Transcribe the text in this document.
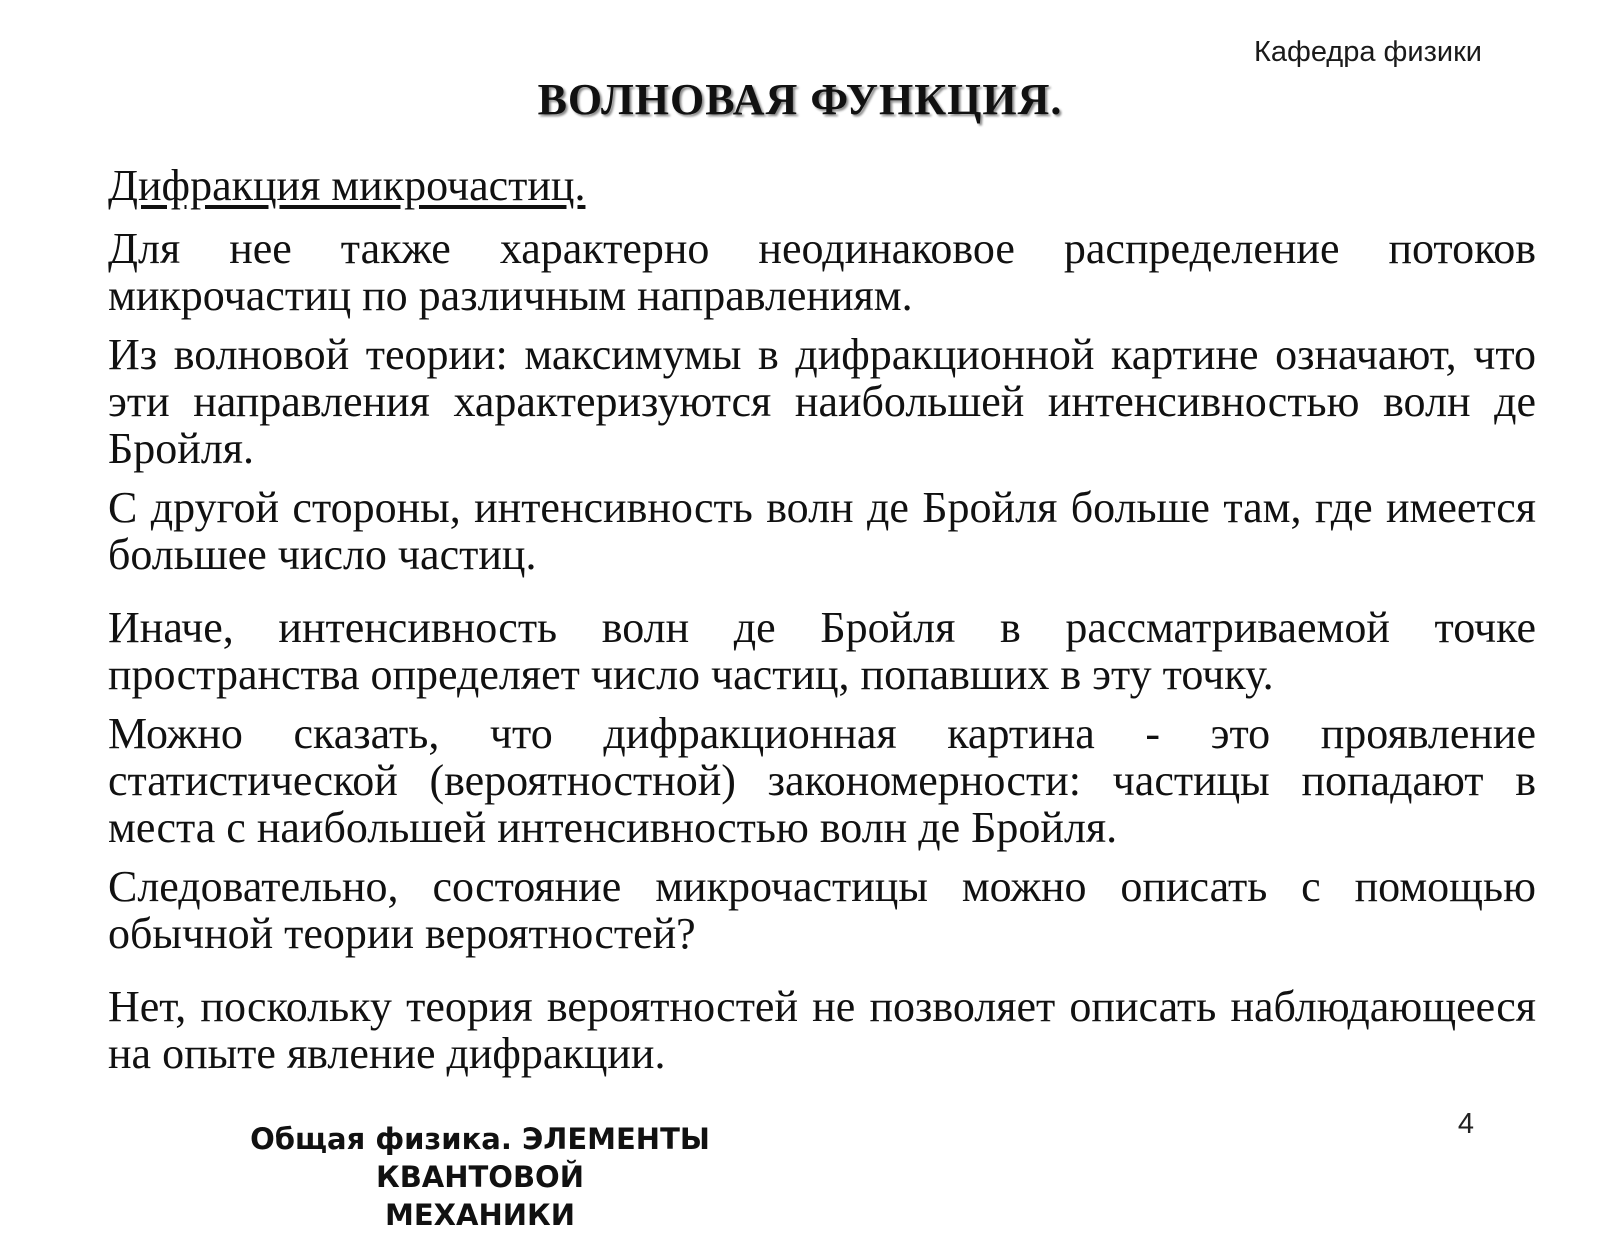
Кафедра физики
ВОЛНОВАЯ ФУНКЦИЯ.
Дифракция микрочастиц.
Для нее также характерно неодинаковое распределение потоков микрочастиц по различным направлениям.
Из волновой теории: максимумы в дифракционной картине означают, что эти направления характеризуются наибольшей интенсивностью волн де Бройля.
С другой стороны, интенсивность волн де Бройля больше там, где имеется большее число частиц.
Иначе, интенсивность волн де Бройля в рассматриваемой точке пространства определяет число частиц, попавших в эту точку.
Можно сказать, что дифракционная картина - это проявление статистической (вероятностной) закономерности: частицы попадают в места с наибольшей интенсивностью волн де Бройля.
Следовательно, состояние микрочастицы можно описать с помощью обычной теории вероятностей?
Нет, поскольку теория вероятностей не позволяет описать наблюдающееся на опыте явление дифракции.
Общая физика. ЭЛЕМЕНТЫ КВАНТОВОЙ
МЕХАНИКИ
4
